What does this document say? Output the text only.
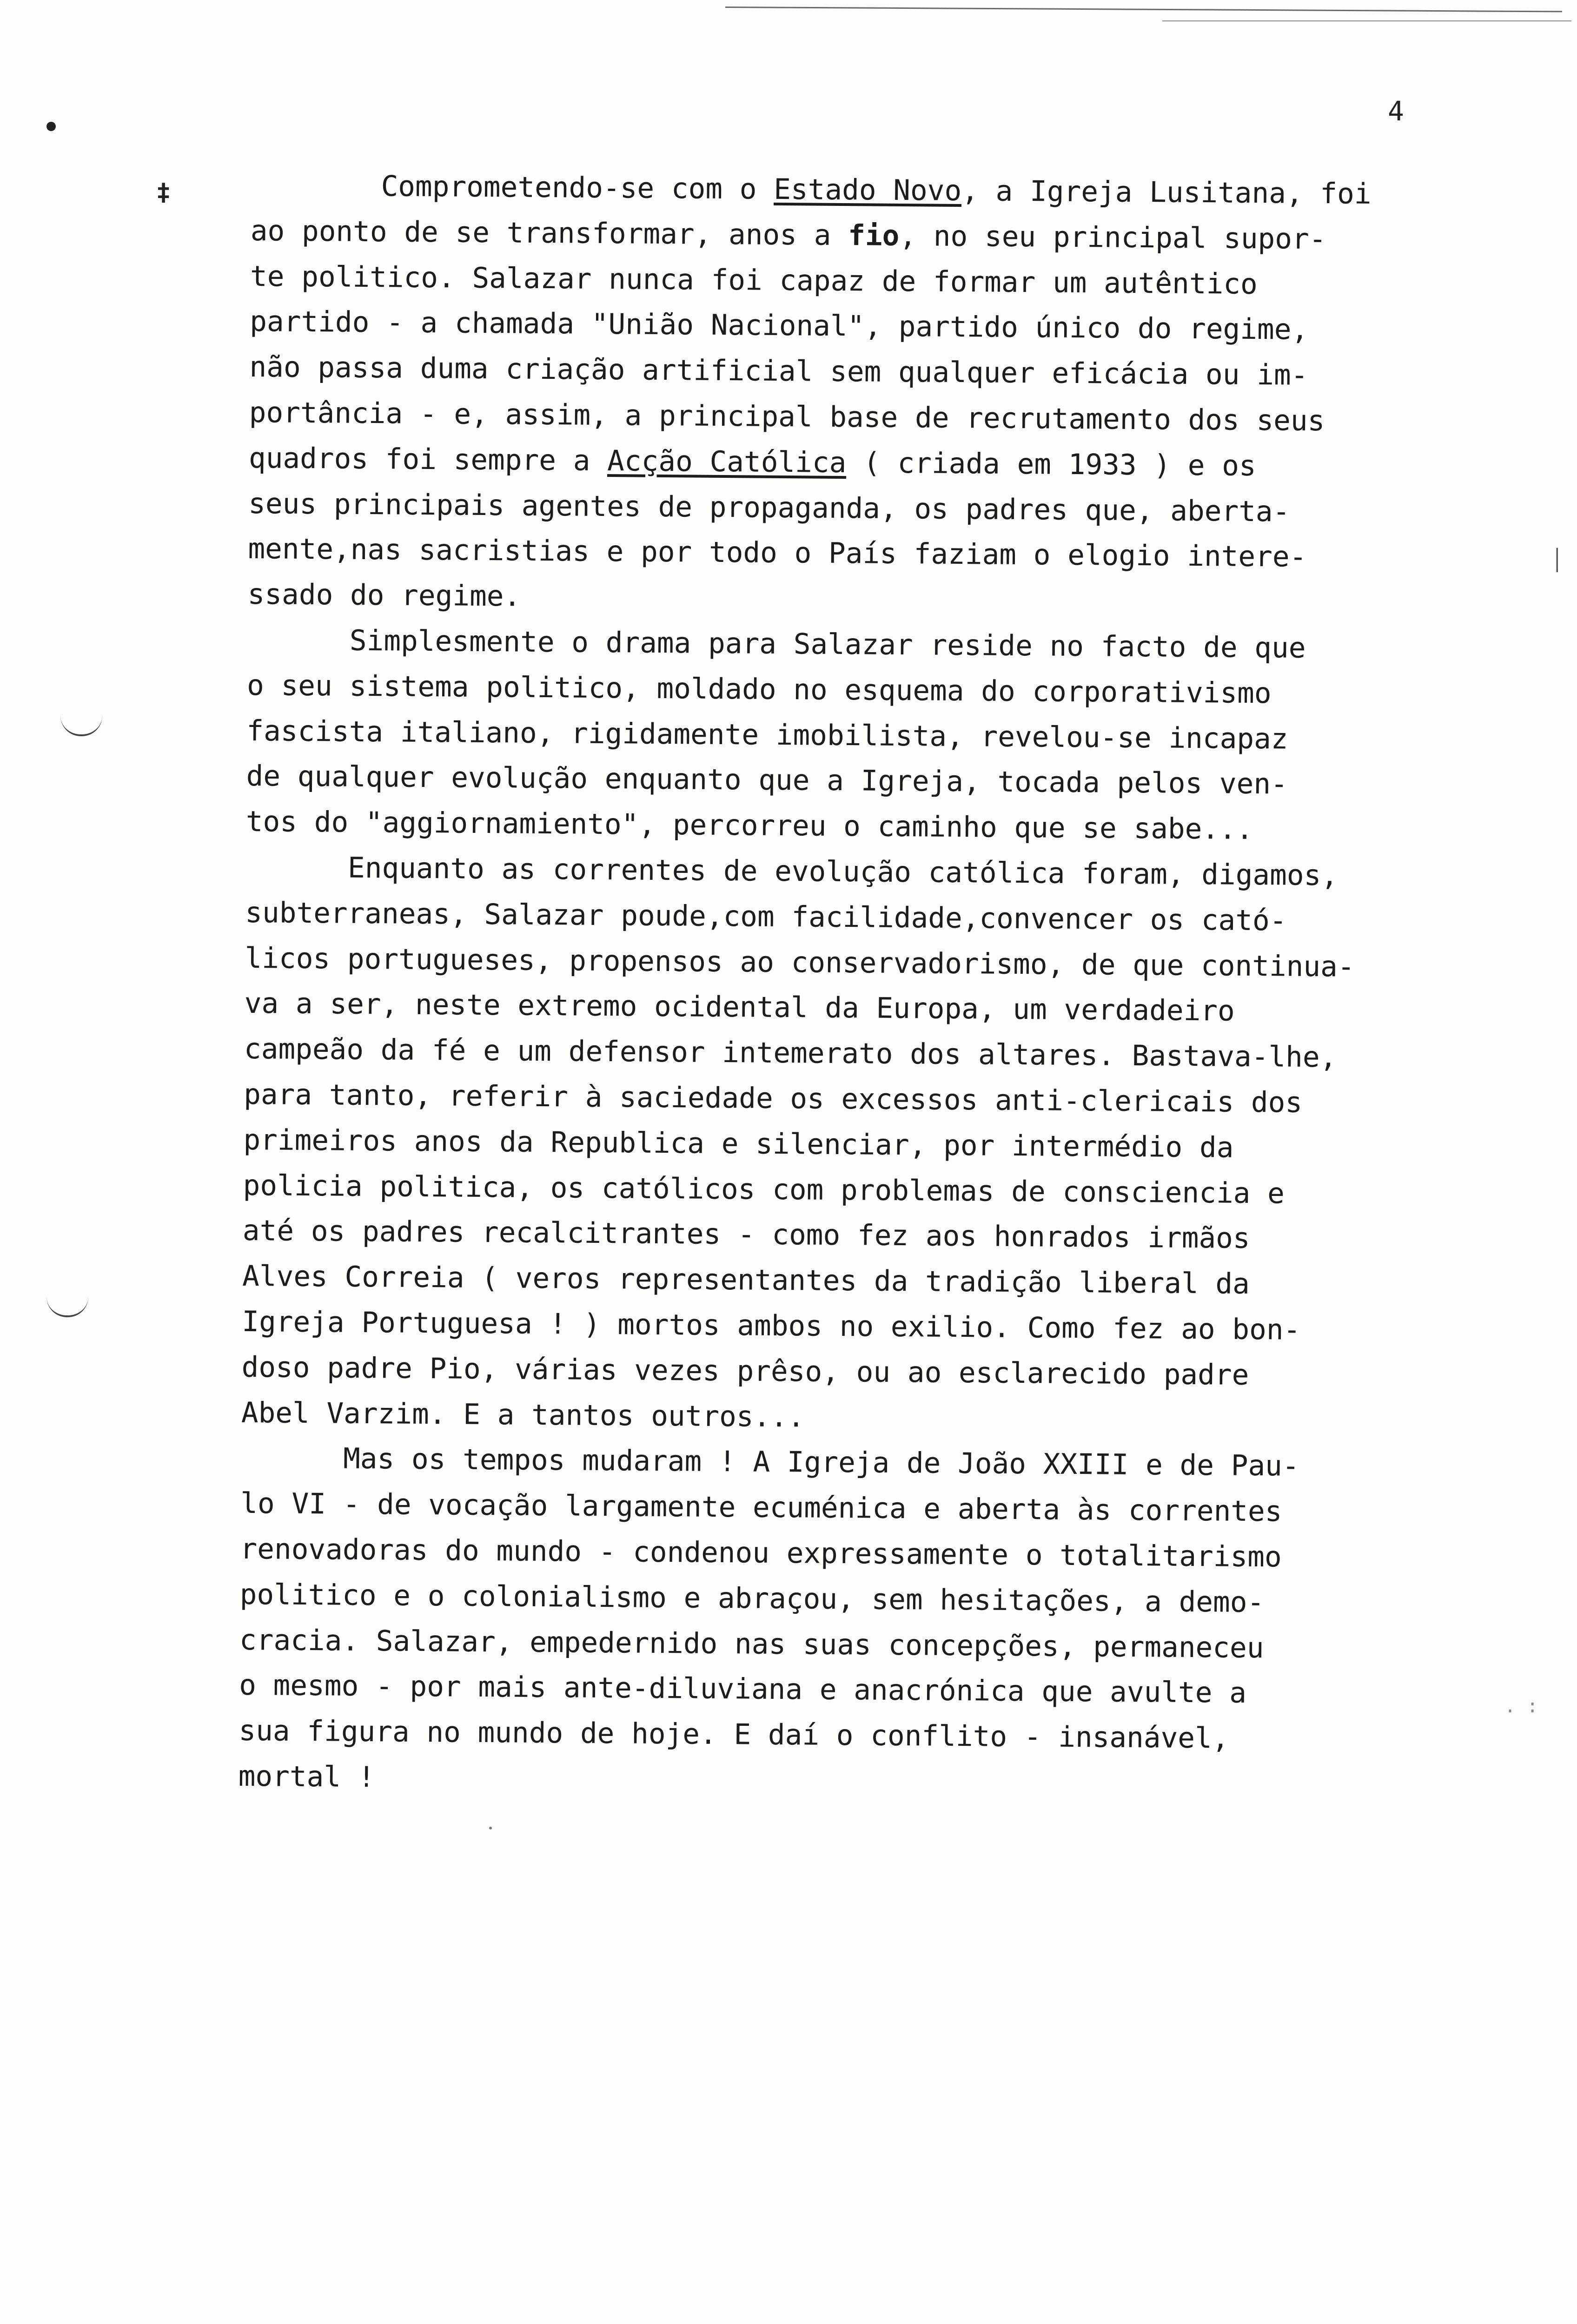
4
‡
│
. :
Comprometendo-se com o Estado Novo, a Igreja Lusitana, foi
ao ponto de se transformar, anos a fio, no seu principal supor-
te politico. Salazar nunca foi capaz de formar um autêntico
partido - a chamada "União Nacional", partido único do regime,
não passa duma criação artificial sem qualquer eficácia ou im-
portância - e, assim, a principal base de recrutamento dos seus
quadros foi sempre a Acção Católica ( criada em 1933 ) e os
seus principais agentes de propaganda, os padres que, aberta-
mente,nas sacristias e por todo o País faziam o elogio intere-
ssado do regime.
Simplesmente o drama para Salazar reside no facto de que
o seu sistema politico, moldado no esquema do corporativismo
fascista italiano, rigidamente imobilista, revelou-se incapaz
de qualquer evolução enquanto que a Igreja, tocada pelos ven-
tos do "aggiornamiento", percorreu o caminho que se sabe...
Enquanto as correntes de evolução católica foram, digamos,
subterraneas, Salazar poude,com facilidade,convencer os cató-
licos portugueses, propensos ao conservadorismo, de que continua-
va a ser, neste extremo ocidental da Europa, um verdadeiro
campeão da fé e um defensor intemerato dos altares. Bastava-lhe,
para tanto, referir à saciedade os excessos anti-clericais dos
primeiros anos da Republica e silenciar, por intermédio da
policia politica, os católicos com problemas de consciencia e
até os padres recalcitrantes - como fez aos honrados irmãos
Alves Correia ( veros representantes da tradição liberal da
Igreja Portuguesa ! ) mortos ambos no exilio. Como fez ao bon-
doso padre Pio, várias vezes prêso, ou ao esclarecido padre
Abel Varzim. E a tantos outros...
Mas os tempos mudaram ! A Igreja de João XXIII e de Pau-
lo VI - de vocação largamente ecuménica e aberta às correntes
renovadoras do mundo - condenou expressamente o totalitarismo
politico e o colonialismo e abraçou, sem hesitações, a demo-
cracia. Salazar, empedernido nas suas concepções, permaneceu
o mesmo - por mais ante-diluviana e anacrónica que avulte a
sua figura no mundo de hoje. E daí o conflito - insanável,
mortal !
